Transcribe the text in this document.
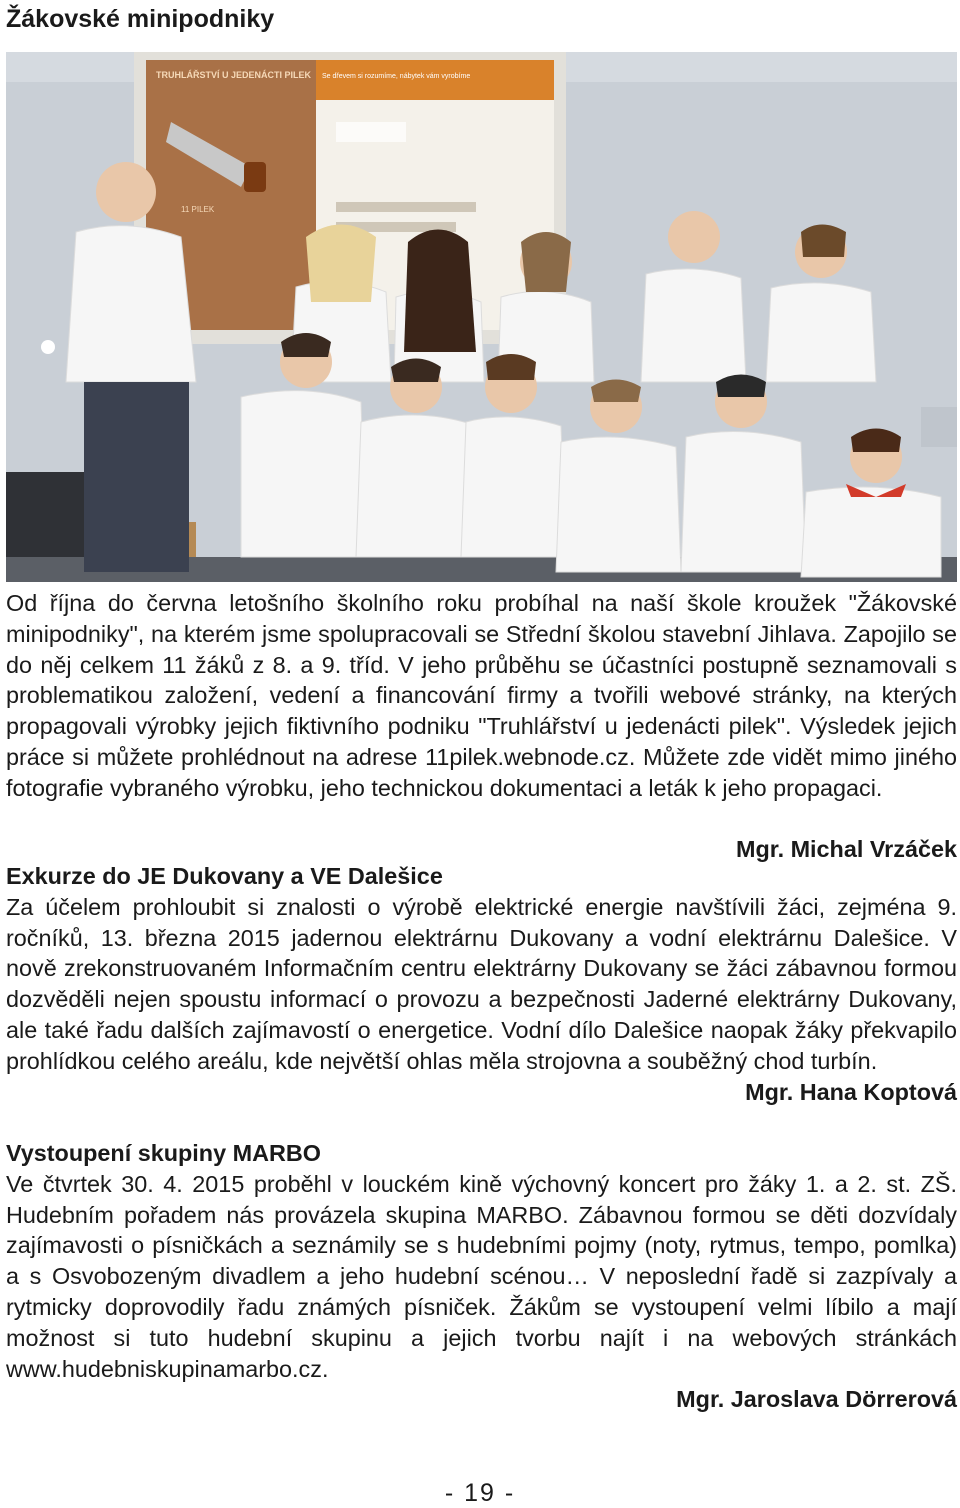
Žákovské minipodniky
TRUHLÁŘSTVÍ U JEDENÁCTI PILEK Se dřevem si rozumíme, nábytek vám vyrobíme
11 PILEK
Od října do června letošního školního roku probíhal na naší škole kroužek "Žákovské minipodniky", na kterém jsme spolupracovali se Střední školou stavební Jihlava. Zapojilo se do něj celkem 11 žáků z 8. a 9. tříd. V jeho průběhu se účastníci postupně seznamovali s problematikou založení, vedení a financování firmy a tvořili webové stránky, na kterých propagovali výrobky jejich fiktivního podniku "Truhlářství u jedenácti pilek". Výsledek jejich práce si můžete prohlédnout na adrese 11pilek.webnode.cz. Můžete zde vidět mimo jiného fotografie vybraného výrobku, jeho technickou dokumentaci a leták k jeho propagaci.
Mgr. Michal Vrzáček
Exkurze do JE Dukovany a VE Dalešice
Za účelem prohloubit si znalosti o výrobě elektrické energie navštívili žáci, zejména 9. ročníků, 13. března 2015 jadernou elektrárnu Dukovany a vodní elektrárnu Dalešice. V nově zrekonstruovaném Informačním centru elektrárny Dukovany se žáci zábavnou formou dozvěděli nejen spoustu informací o provozu a bezpečnosti Jaderné elektrárny Dukovany, ale také řadu dalších zajímavostí o energetice. Vodní dílo Dalešice naopak žáky překvapilo prohlídkou celého areálu, kde největší ohlas měla strojovna a souběžný chod turbín.
Mgr. Hana Koptová
Vystoupení skupiny MARBO
Ve čtvrtek 30. 4. 2015 proběhl v louckém kině výchovný koncert pro žáky 1. a 2. st. ZŠ. Hudebním pořadem nás provázela skupina MARBO. Zábavnou formou se děti dozvídaly zajímavosti o písničkách a seznámily se s hudebními pojmy (noty, rytmus, tempo, pomlka) a s Osvobozeným divadlem a jeho hudební scénou… V neposlední řadě si zazpívaly a rytmicky doprovodily řadu známých písniček. Žákům se vystoupení velmi líbilo a mají možnost si tuto hudební skupinu a jejich tvorbu najít i na webových stránkách www.hudebniskupinamarbo.cz.
Mgr. Jaroslava Dörrerová
- 19 -
